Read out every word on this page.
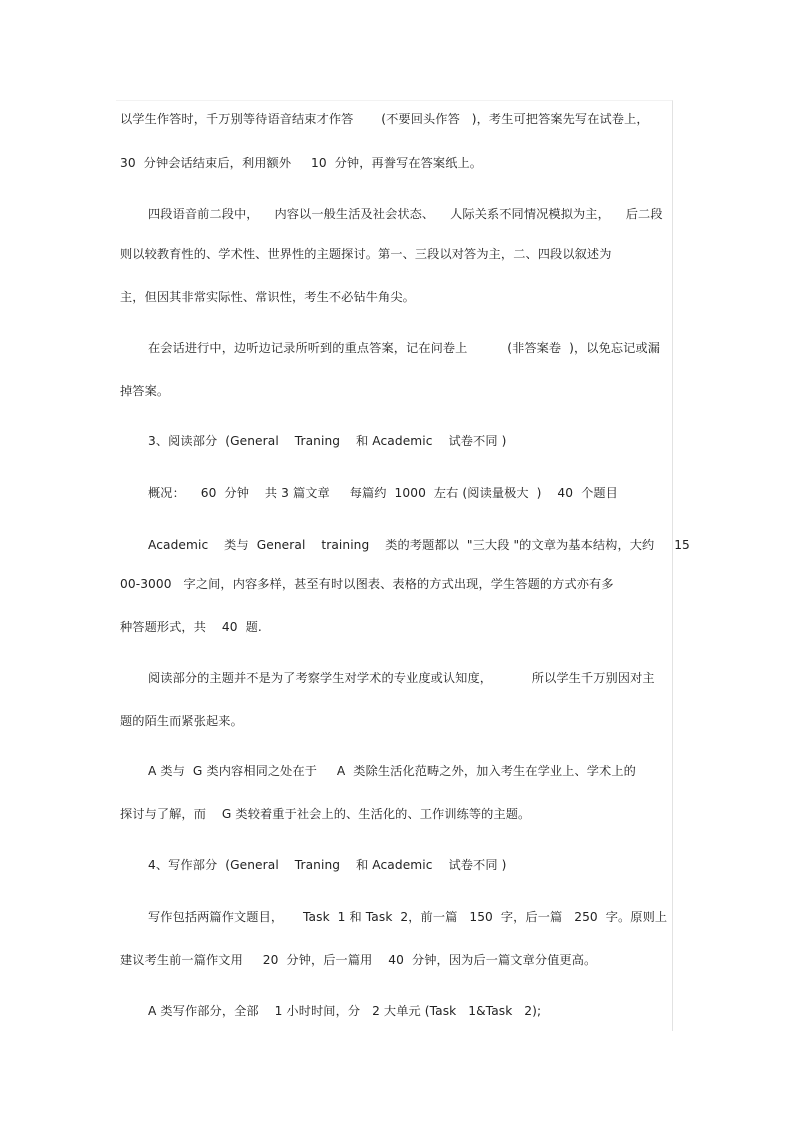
以学生作答时，千万别等待语音结束才作答       (不要回头作答   )，考生可把答案先写在试卷上，
30  分钟会话结束后，利用额外     10  分钟，再誊写在答案纸上。
四段语音前二段中，    内容以一般生活及社会状态、    人际关系不同情况模拟为主，    后二段
则以较教育性的、学术性、世界性的主题探讨。第一、三段以对答为主，二、四段以叙述为
主，但因其非常实际性、常识性，考生不必钻牛角尖。
在会话进行中，边听边记录所听到的重点答案，记在问卷上          (非答案卷  )，以免忘记或漏
掉答案。
3、阅读部分  (General    Traning    和 Academic    试卷不同 )
概况：    60  分钟    共 3 篇文章     每篇约  1000  左右 (阅读量极大  )    40  个题目
Academic    类与  General    training    类的考题都以  "三大段 "的文章为基本结构，大约     15
00-3000   字之间，内容多样，甚至有时以图表、表格的方式出现，学生答题的方式亦有多
种答题形式，共    40  题.
阅读部分的主题并不是为了考察学生对学术的专业度或认知度，          所以学生千万别因对主
题的陌生而紧张起来。
A 类与  G 类内容相同之处在于     A  类除生活化范畴之外，加入考生在学业上、学术上的
探讨与了解，而    G 类较着重于社会上的、生活化的、工作训练等的主题。
4、写作部分  (General    Traning    和 Academic    试卷不同 )
写作包括两篇作文题目，     Task  1 和 Task  2，前一篇   150  字，后一篇   250  字。原则上
建议考生前一篇作文用     20  分钟，后一篇用    40  分钟，因为后一篇文章分值更高。
A 类写作部分，全部    1 小时时间，分   2 大单元 (Task   1&Task   2);
